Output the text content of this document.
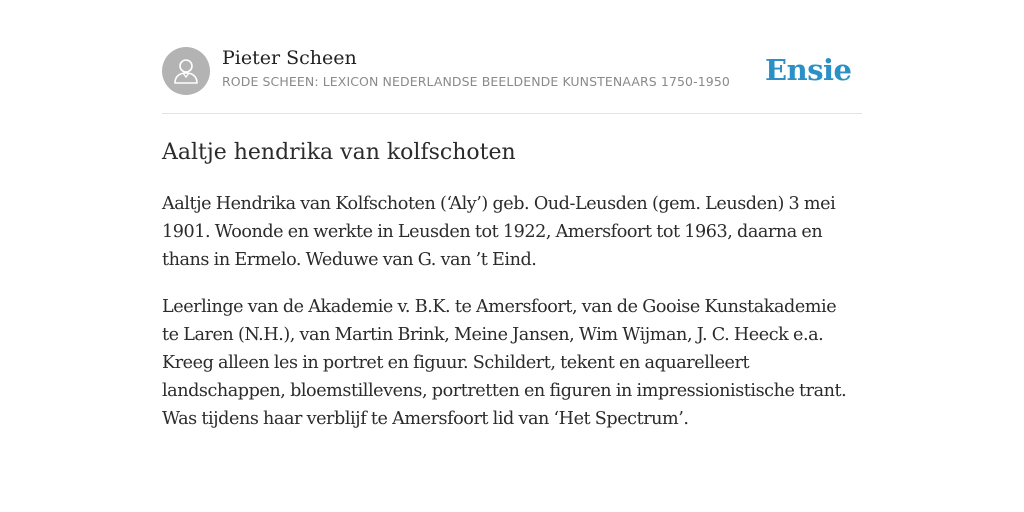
Pieter Scheen
RODE SCHEEN: LEXICON NEDERLANDSE BEELDENDE KUNSTENAARS 1750-1950 Ensie
Aaltje hendrika van kolfschoten

Aaltje Hendrika van Kolfschoten (‘Aly’) geb. Oud-Leusden (gem. Leusden) 3 mei
1901. Woonde en werkte in Leusden tot 1922, Amersfoort tot 1963, daarna en
thans in Ermelo. Weduwe van G. van ’t Eind.

Leerlinge van de Akademie v. B.K. te Amersfoort, van de Gooise Kunstakademie
te Laren (N.H.), van Martin Brink, Meine Jansen, Wim Wijman, J. C. Heeck e.a.
Kreeg alleen les in portret en figuur. Schildert, tekent en aquarelleert
landschappen, bloemstillevens, portretten en figuren in impressionistische trant.
Was tijdens haar verblijf te Amersfoort lid van ‘Het Spectrum’.
